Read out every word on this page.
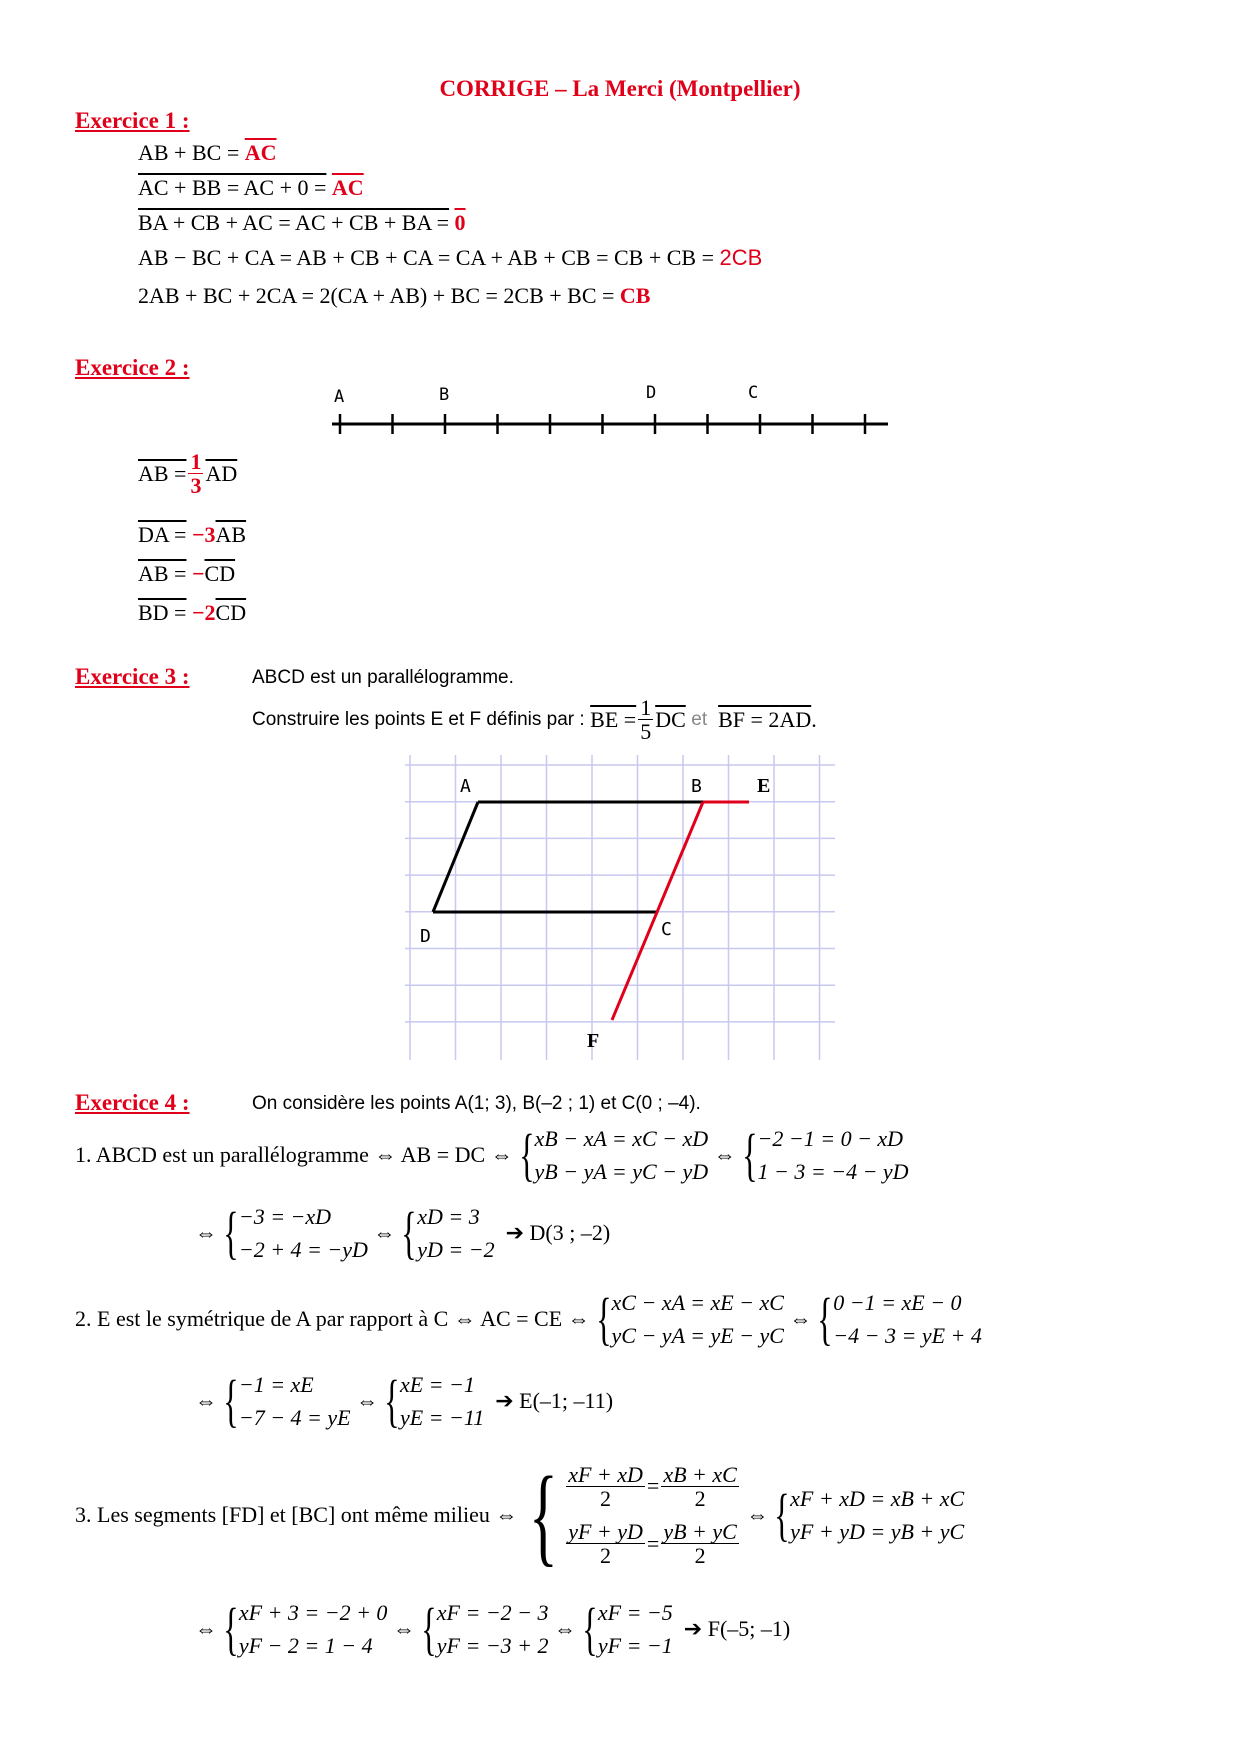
CORRIGE – La Merci (Montpellier)
Exercice 1 :
AB + BC = $\overline{AC}$
AC + BB = AC + $0 = \overline{AC}$
BA + CB + AC = AC + CB + BA = 0
AB − BC + CA = AB + CB + CA = CA + AB + CB = CB + CB = 2CB
2AB + BC + 2CA = 2(CA + AB) + BC = 2CB + BC = CB
Exercice 2 :
A	B	D	C
AB = $\frac{1}{3} \overline{AD}$
DA = $-3\overline{AB}$
AB = $-\overline{CD}$
BD = $-2\overline{CD}$
Exercice 3 :	ABCD est un parallélogramme.
Construire les points E et F définis par :
BE = $\frac{1}{5} \overline{DC}$
et
BF = 2 $\overline{AD}$ .
A	B	E
D	C
F
Exercice 4 :	On considère les points A(1; 3), B(–2 ; 1) et C(0 ; –4).
1. ABCD est un parallélogramme ⇔ AB = DC ⇔ { xB − xA = xC − xD
yB − yA = yC − yD

⇔ { −2 −1 = 0 − xD
1 − 3 = −4 − yD
⇔ { −3 = −xD
−2 + 4 = −yD

⇔ { xD = 3
yD = −2

➔
D(3 ; –2)
2. E est le symétrique de A par rapport à C ⇔ AC = CE ⇔ { xC − xA = xE − xC
yC − yA = yE − yC

⇔ { 0 −1 = xE − 0
−4 − 3 = yE + 4
⇔ { −1 = xE
−7 − 4 = yE

⇔ { xE = −1
yE = −11

➔
E(–1; –11)
3. Les segments [FD] et [BC] ont même milieu ⇔ { $\frac{xF + xD}{2} = \frac{xB + xC}{2}$
$\frac{yF + yD}{2} = \frac{yB + yC}{2}$

⇔ { xF + xD = xB + xC
yF + yD = yB + yC
⇔ { xF + 3 = −2 + 0
yF − 2 = 1 − 4

⇔ { xF = −2 − 3
yF = −3 + 2

⇔ { xF = −5
yF = −1

➔
F(–5; –1)
